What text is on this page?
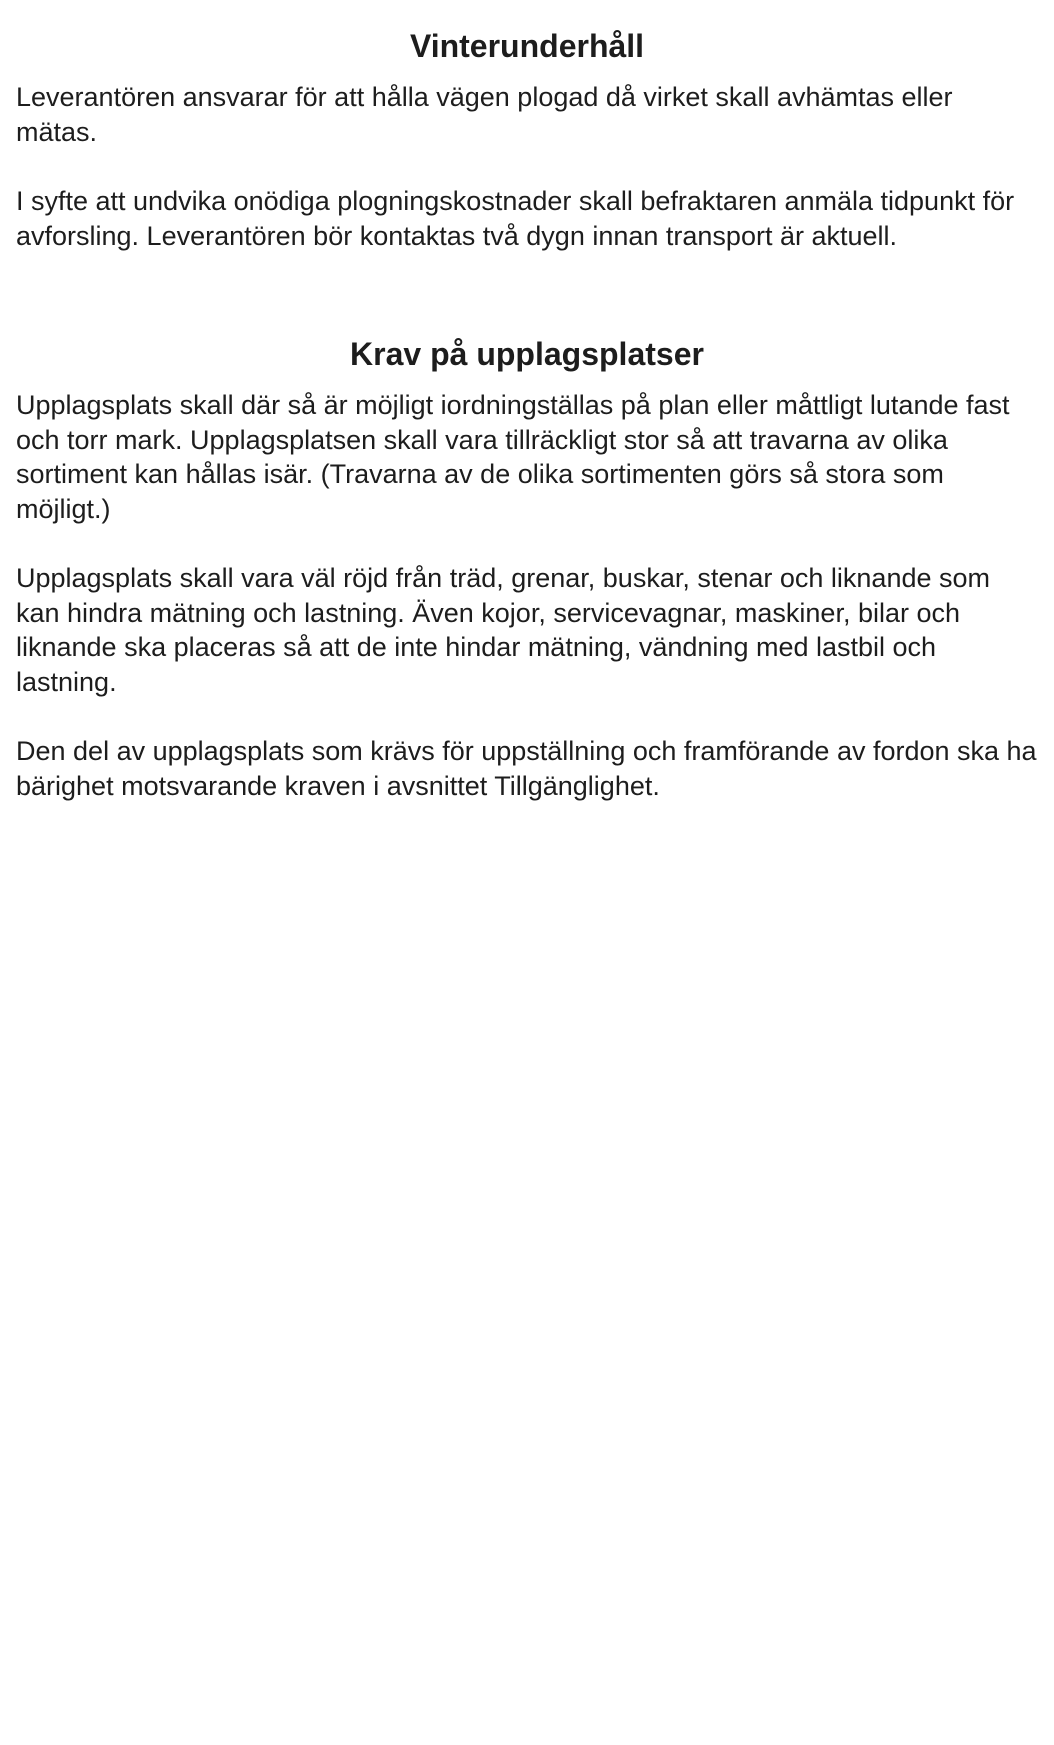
Vinterunderhåll

Leverantören ansvarar för att hålla vägen plogad då virket skall avhämtas eller mätas.

I syfte att undvika onödiga plogningskostnader skall befraktaren anmäla tidpunkt för avforsling. Leverantören bör kontaktas två dygn innan transport är aktuell.

Krav på upplagsplatser

Upplagsplats skall där så är möjligt iordningställas på plan eller måttligt lutande fast och torr mark. Upplagsplatsen skall vara tillräckligt stor så att travarna av olika sortiment kan hållas isär. (Travarna av de olika sortimenten görs så stora som möjligt.)

Upplagsplats skall vara väl röjd från träd, grenar, buskar, stenar och liknande som kan hindra mätning och lastning. Även kojor, servicevagnar, maskiner, bilar och liknande ska placeras så att de inte hindar mätning, vändning med lastbil och lastning.

Den del av upplagsplats som krävs för uppställning och framförande av fordon ska ha bärighet motsvarande kraven i avsnittet Tillgänglighet.
